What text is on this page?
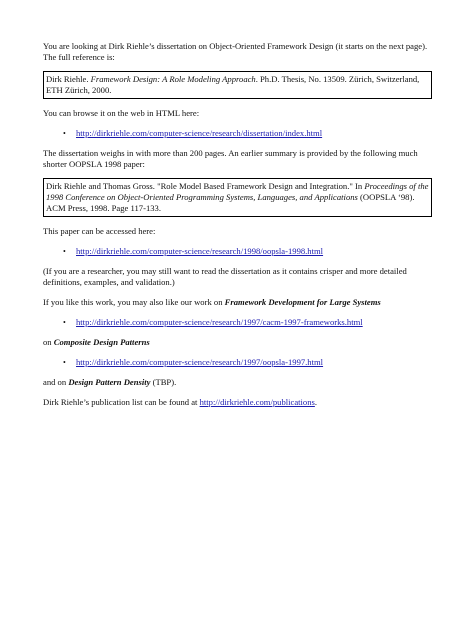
You are looking at Dirk Riehle’s dissertation on Object-Oriented Framework Design (it starts on the next page). The full reference is:

Dirk Riehle. Framework Design: A Role Modeling Approach. Ph.D. Thesis, No. 13509. Zürich, Switzerland, ETH Zürich, 2000.

You can browse it on the web in HTML here:

• http://dirkriehle.com/computer-science/research/dissertation/index.html

The dissertation weighs in with more than 200 pages. An earlier summary is provided by the following much shorter OOPSLA 1998 paper:

Dirk Riehle and Thomas Gross. "Role Model Based Framework Design and Integration." In Proceedings of the 1998 Conference on Object-Oriented Programming Systems, Languages, and Applications (OOPSLA ‘98). ACM Press, 1998. Page 117-133.

This paper can be accessed here:

• http://dirkriehle.com/computer-science/research/1998/oopsla-1998.html

(If you are a researcher, you may still want to read the dissertation as it contains crisper and more detailed definitions, examples, and validation.)

If you like this work, you may also like our work on Framework Development for Large Systems

• http://dirkriehle.com/computer-science/research/1997/cacm-1997-frameworks.html

on Composite Design Patterns

• http://dirkriehle.com/computer-science/research/1997/oopsla-1997.html

and on Design Pattern Density (TBP).

Dirk Riehle’s publication list can be found at http://dirkriehle.com/publications.
